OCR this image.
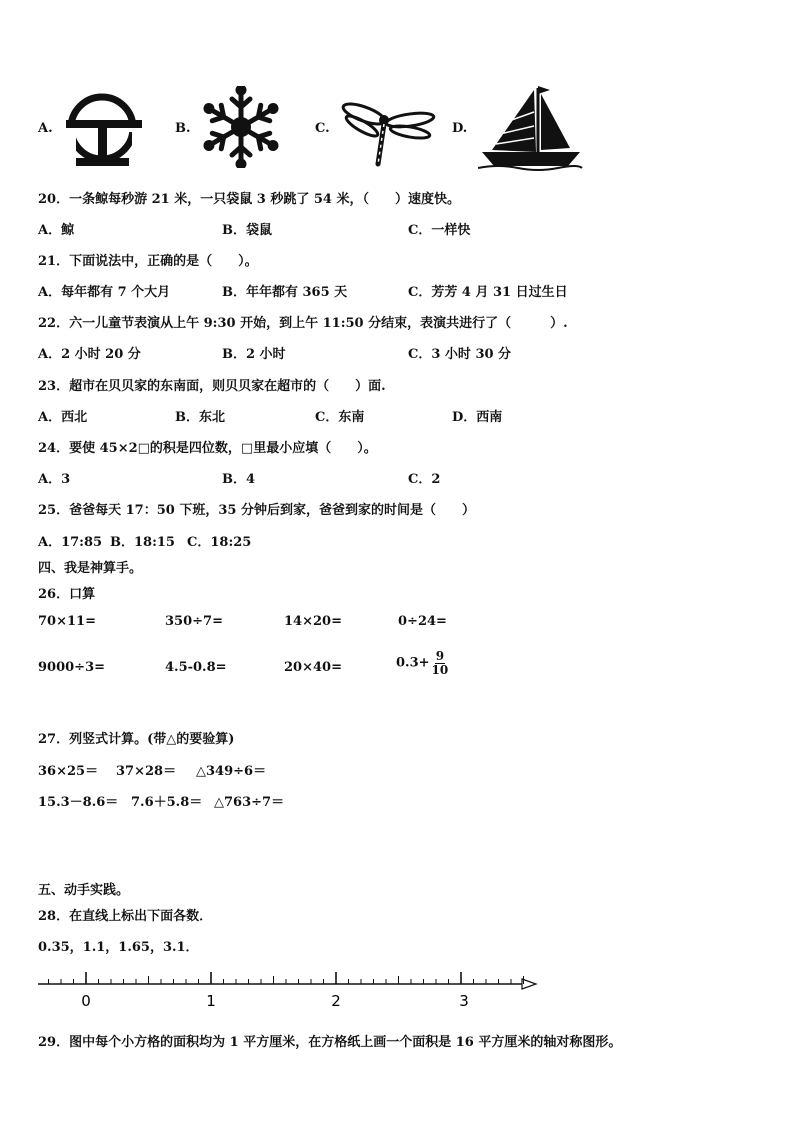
A.	B.	C.	D.
20．一条鲸每秒游 21 米，一只袋鼠 3 秒跳了 54 米，（　　）速度快。
A．鲸	B．袋鼠	C．一样快
21．下面说法中，正确的是（　　）。
A．每年都有 7 个大月	B．年年都有 365 天	C．芳芳 4 月 31 日过生日
22．六一儿童节表演从上午 9:30 开始，到上午 11:50 分结束，表演共进行了（　　　）.
A．2 小时 20 分	B．2 小时	C．3 小时 30 分
23．超市在贝贝家的东南面，则贝贝家在超市的（　　）面.
A．西北	B．东北	C．东南	D．西南
24．要使 45×2□的积是四位数，□里最小应填（　　）。
A．3	B．4	C．2
25．爸爸每天 17：50 下班，35 分钟后到家，爸爸到家的时间是（　　）
A．17:85 B．18:15 C．18:25
四、我是神算手。
26．口算
70×11=	350÷7=	14×20=	0÷24=
9000÷3=	4.5-0.8=	20×40=	$0.3+ \frac{9}{10}$
27．列竖式计算。(带△的要验算)
36×25＝ 37×28＝ △349÷6＝
15.3－8.6＝ 7.6＋5.8＝ △763÷7＝
五、动手实践。
28．在直线上标出下面各数．
0.35，1.1，1.65，3.1．
0	1	2	3
29．图中每个小方格的面积均为 1 平方厘米，在方格纸上画一个面积是 16 平方厘米的轴对称图形。
